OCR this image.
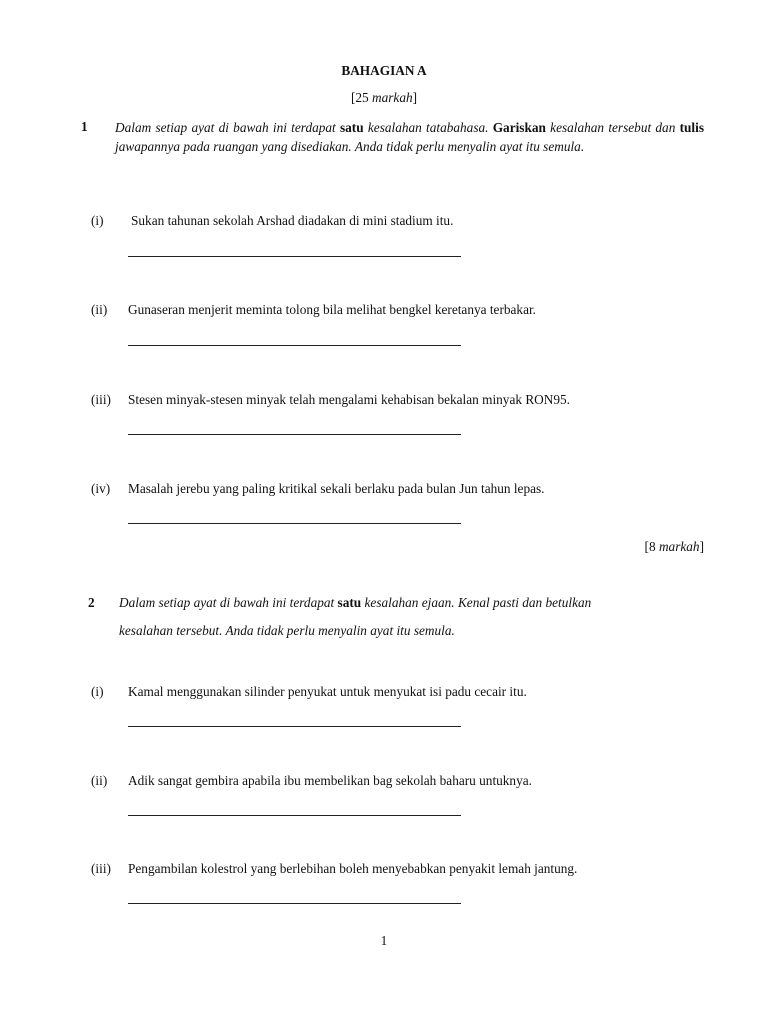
BAHAGIAN A
[25 markah]
1 Dalam setiap ayat di bawah ini terdapat satu kesalahan tatabahasa. Gariskan kesalahan tersebut dan tulis jawapannya pada ruangan yang disediakan. Anda tidak perlu menyalin ayat itu semula.
(i) Sukan tahunan sekolah Arshad diadakan di mini stadium itu.
(ii) Gunaseran menjerit meminta tolong bila melihat bengkel keretanya terbakar.
(iii) Stesen minyak-stesen minyak telah mengalami kehabisan bekalan minyak RON95.
(iv) Masalah jerebu yang paling kritikal sekali berlaku pada bulan Jun tahun lepas.
[8 markah]
2 Dalam setiap ayat di bawah ini terdapat satu kesalahan ejaan. Kenal pasti dan betulkan
kesalahan tersebut. Anda tidak perlu menyalin ayat itu semula.
(i) Kamal menggunakan silinder penyukat untuk menyukat isi padu cecair itu.
(ii) Adik sangat gembira apabila ibu membelikan bag sekolah baharu untuknya.
(iii) Pengambilan kolestrol yang berlebihan boleh menyebabkan penyakit lemah jantung.
1
